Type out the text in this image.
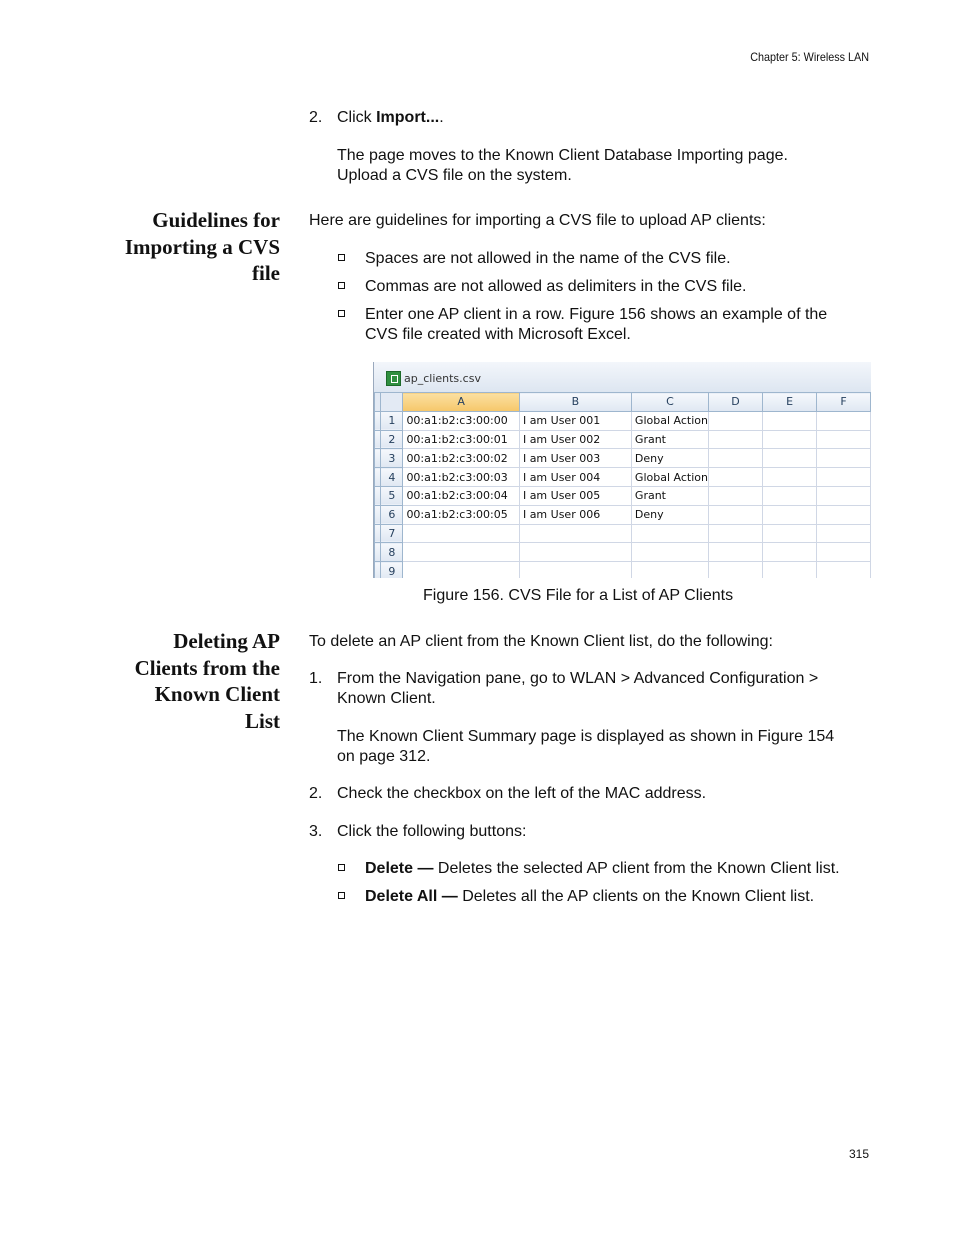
Chapter 5: Wireless LAN
2. Click Import....
The page moves to the Known Client Database Importing page.
Upload a CVS file on the system.
Guidelines for
Importing a CVS
file
Here are guidelines for importing a CVS file to upload AP clients:
Spaces are not allowed in the name of the CVS file.
Commas are not allowed as delimiters in the CVS file.
Enter one AP client in a row. Figure 156 shows an example of the
CVS file created with Microsoft Excel.
ap_clients.csv
		A	B	C	D	E	F
	1	00:a1:b2:c3:00:00	I am User 001	Global Action			
	2	00:a1:b2:c3:00:01	I am User 002	Grant			
	3	00:a1:b2:c3:00:02	I am User 003	Deny			
	4	00:a1:b2:c3:00:03	I am User 004	Global Action			
	5	00:a1:b2:c3:00:04	I am User 005	Grant			
	6	00:a1:b2:c3:00:05	I am User 006	Deny			
	7						
	8						
	9						
Figure 156. CVS File for a List of AP Clients
Deleting AP
Clients from the
Known Client
List
To delete an AP client from the Known Client list, do the following:
1. From the Navigation pane, go to WLAN > Advanced Configuration >
Known Client.
The Known Client Summary page is displayed as shown in Figure 154
on page 312.
2. Check the checkbox on the left of the MAC address.
3. Click the following buttons:
Delete — Deletes the selected AP client from the Known Client list.
Delete All — Deletes all the AP clients on the Known Client list.
315
